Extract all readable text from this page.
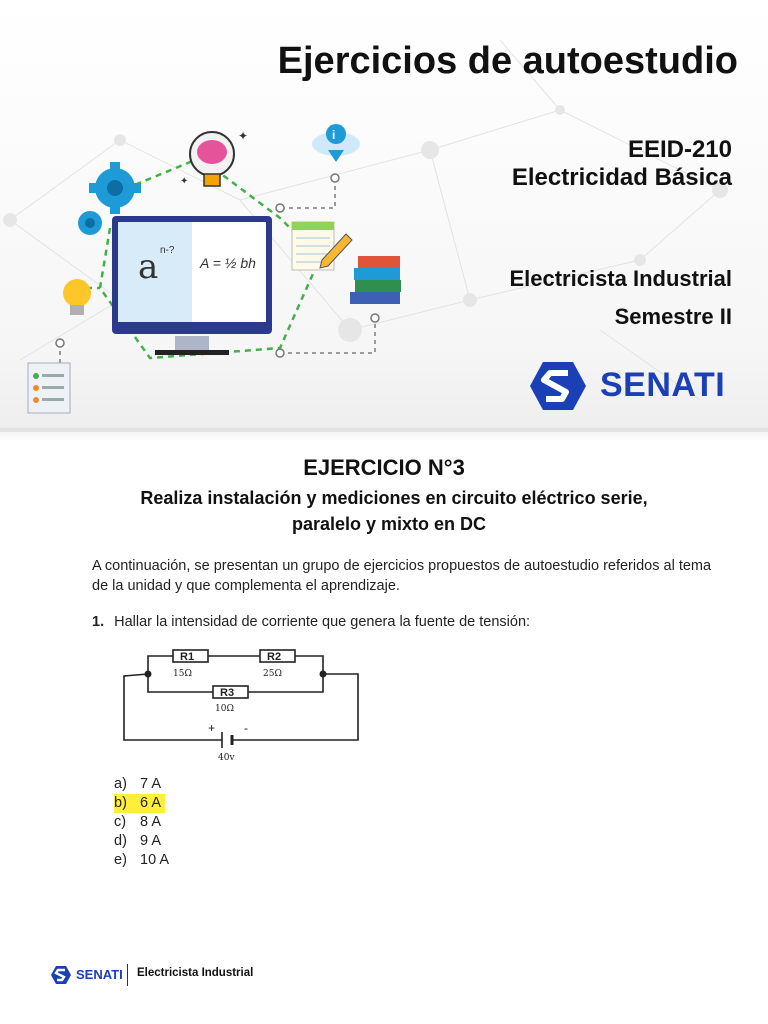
Ejercicios de autoestudio
EEID-210
Electricidad Básica
Electricista Industrial
Semestre II
SENATI
✦
✦
i
a n-?
A = ½ bh
EJERCICIO N°3
Realiza instalación y mediciones en circuito eléctrico serie,
paralelo y mixto en DC
A continuación, se presentan un grupo de ejercicios propuestos de autoestudio referidos al tema de la unidad y que complementa el aprendizaje.
1. Hallar la intensidad de corriente que genera la fuente de tensión:
R1
15Ω
R2
25Ω
R3
10Ω
+ -
40v
a) 7 A
b) 6 A
c) 8 A
d) 9 A
e) 10 A
SENATI Electricista Industrial
